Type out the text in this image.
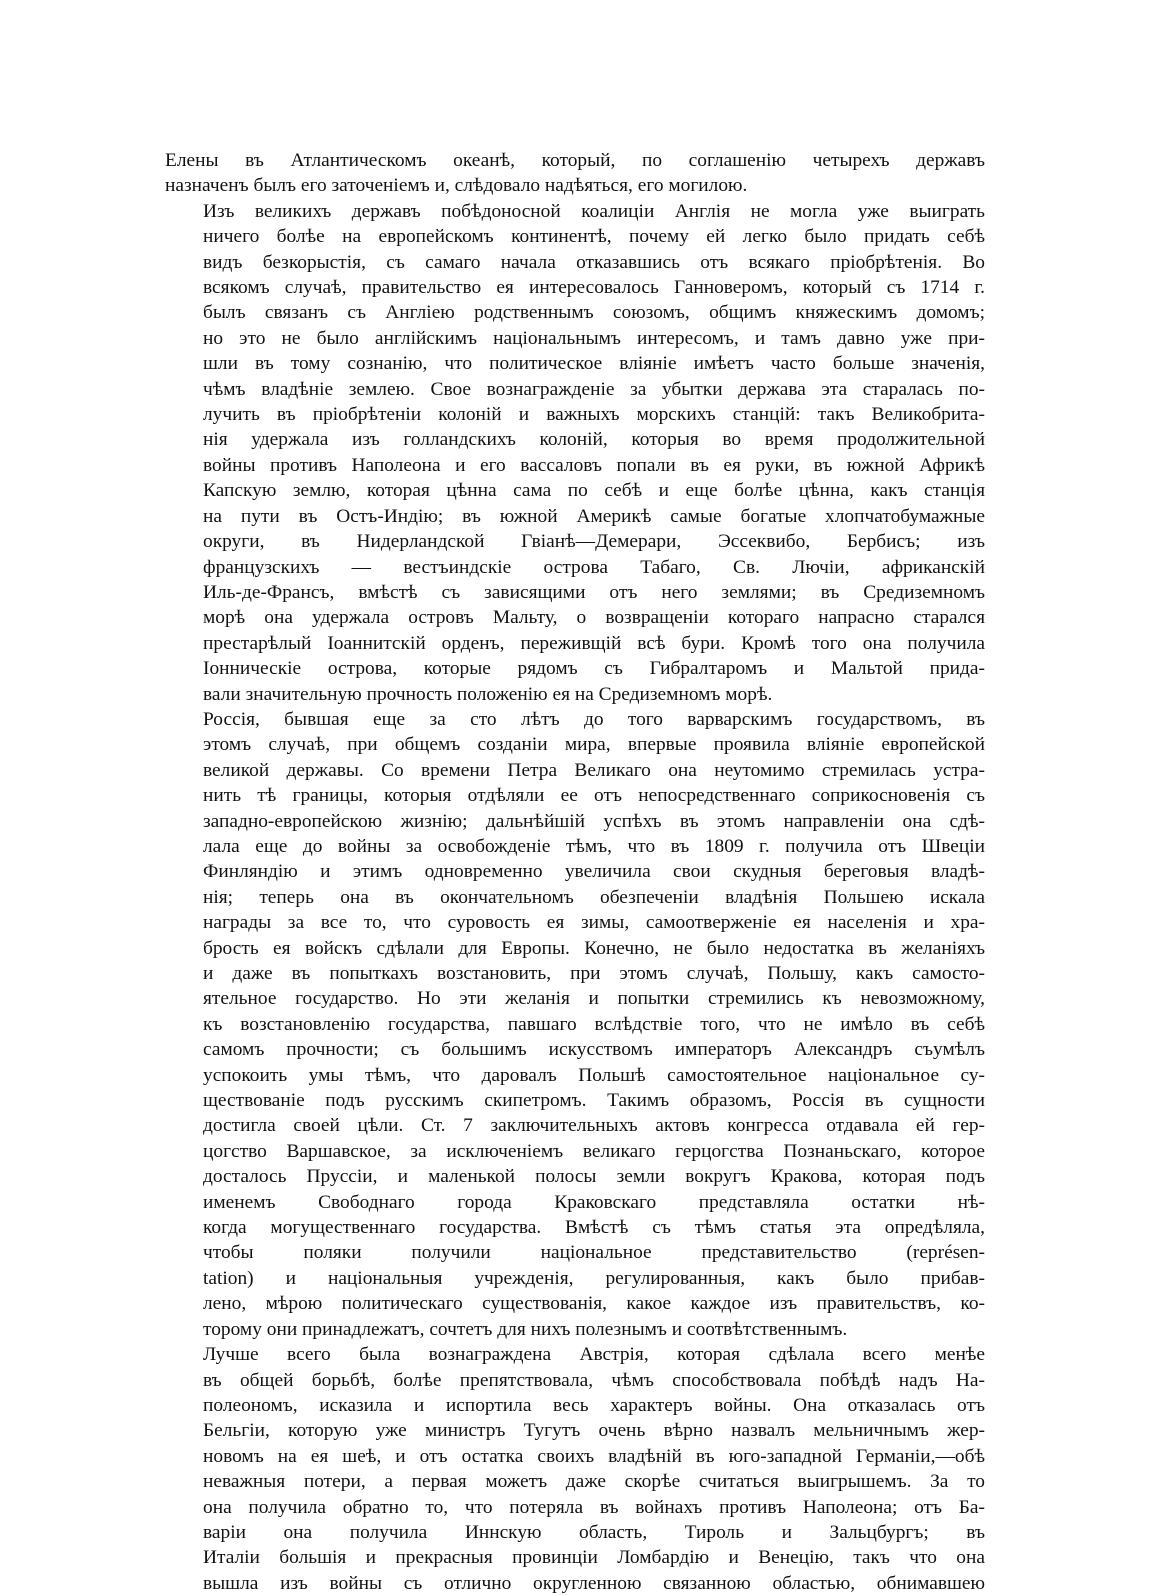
Елены въ Атлантическомъ океанѣ, который, по соглашенію четырехъ державъ
назначенъ былъ его заточеніемъ и, слѣдовало надѣяться, его могилою.

Изъ великихъ державъ побѣдоносной коалиціи Англія не могла уже выиграть
ничего болѣе на европейскомъ континентѣ, почему ей легко было придать себѣ
видъ безкорыстія, съ самаго начала отказавшись отъ всякаго пріобрѣтенія. Во
всякомъ случаѣ, правительство ея интересовалось Ганноверомъ, который съ 1714 г.
былъ связанъ съ Англіею родственнымъ союзомъ, общимъ княжескимъ домомъ;
но это не было англійскимъ національнымъ интересомъ, и тамъ давно уже при-
шли въ тому сознанію, что политическое вліяніе имѣетъ часто больше значенія,
чѣмъ владѣніе землею. Свое вознагражденіе за убытки держава эта старалась по-
лучить въ пріобрѣтеніи колоній и важныхъ морскихъ станцій: такъ Великобрита-
нія удержала изъ голландскихъ колоній, которыя во время продолжительной
войны противъ Наполеона и его вассаловъ попали въ ея руки, въ южной Африкѣ
Капскую землю, которая цѣнна сама по себѣ и еще болѣе цѣнна, какъ станція
на пути въ Остъ-Индію; въ южной Америкѣ самые богатые хлопчатобумажные
округи, въ Нидерландской Гвіанѣ—Демерари, Эссеквибо, Бербисъ; изъ
французскихъ — вестъиндскіе острова Табаго, Св. Лючіи, африканскій
Иль-де-Франсъ, вмѣстѣ съ зависящими отъ него землями; въ Средиземномъ
морѣ она удержала островъ Мальту, о возвращеніи котораго напрасно старался
престарѣлый Іоаннитскій орденъ, переживщій всѣ бури. Кромѣ того она получила
Іонническіе острова, которые рядомъ съ Гибралтаромъ и Мальтой прида-
вали значительную прочность положенію ея на Средиземномъ морѣ.

Россія, бывшая еще за сто лѣтъ до того варварскимъ государствомъ, въ
этомъ случаѣ, при общемъ созданіи мира, впервые проявила вліяніе европейской
великой державы. Со времени Петра Великаго она неутомимо стремилась устра-
нить тѣ границы, которыя отдѣляли ее отъ непосредственнаго соприкосновенія съ
западно-европейскою жизнію; дальнѣйшій успѣхъ въ этомъ направленіи она сдѣ-
лала еще до войны за освобожденіе тѣмъ, что въ 1809 г. получила отъ Швеціи
Финляндію и этимъ одновременно увеличила свои скудныя береговыя владѣ-
нія; теперь она въ окончательномъ обезпеченіи владѣнія Польшею искала
награды за все то, что суровость ея зимы, самоотверженіе ея населенія и хра-
брость ея войскъ сдѣлали для Европы. Конечно, не было недостатка въ желаніяхъ
и даже въ попыткахъ возстановить, при этомъ случаѣ, Польшу, какъ самосто-
ятельное государство. Но эти желанія и попытки стремились къ невозможному,
къ возстановленію государства, павшаго вслѣдствіе того, что не имѣло въ себѣ
самомъ прочности; съ большимъ искусствомъ императоръ Александръ съумѣлъ
успокоить умы тѣмъ, что даровалъ Польшѣ самостоятельное національное су-
ществованіе подъ русскимъ скипетромъ. Такимъ образомъ, Россія въ сущности
достигла своей цѣли. Ст. 7 заключительныхъ актовъ конгресса отдавала ей гер-
цогство Варшавское, за исключеніемъ великаго герцогства Познаньскаго, которое
досталось Пруссіи, и маленькой полосы земли вокругъ Кракова, которая подъ
именемъ Свободнаго города Краковскаго представляла остатки нѣ-
когда могущественнаго государства. Вмѣстѣ съ тѣмъ статья эта опредѣляла,
чтобы поляки получили національное представительство (représen-
tation) и національныя учрежденія, регулированныя, какъ было прибав-
лено, мѣрою политическаго существованія, какое каждое изъ правительствъ, ко-
торому они принадлежатъ, сочтетъ для нихъ полезнымъ и соотвѣтственнымъ.

Лучше всего была вознаграждена Австрія, которая сдѣлала всего менѣе
въ общей борьбѣ, болѣе препятствовала, чѣмъ способствовала побѣдѣ надъ На-
полеономъ, исказила и испортила весь характеръ войны. Она отказалась отъ
Бельгіи, которую уже министръ Тугутъ очень вѣрно назвалъ мельничнымъ жер-
новомъ на ея шеѣ, и отъ остатка своихъ владѣній въ юго-западной Германіи,—обѣ
неважныя потери, а первая можетъ даже скорѣе считаться выигрышемъ. За то
она получила обратно то, что потеряла въ войнахъ противъ Наполеона; отъ Ба-
варіи она получила Иннскую область, Тироль и Зальцбургъ; въ
Италіи большія и прекрасныя провинціи Ломбардію и Венецію, такъ что она
вышла изъ войны съ отлично округленною связанною областью, обнимавшею
